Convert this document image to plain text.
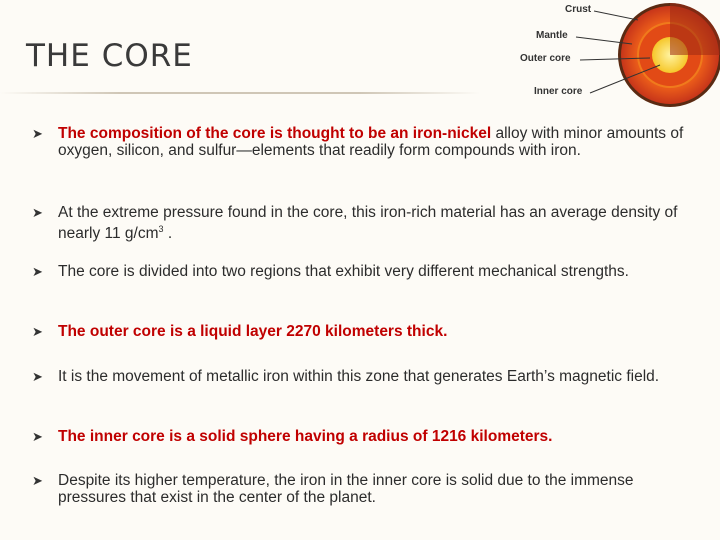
THE CORE
Crust
Mantle
Outer core
Inner core
➤ The composition of the core is thought to be an iron-nickel alloy with minor amounts of oxygen, silicon, and sulfur—elements that readily form compounds with iron.
➤ At the extreme pressure found in the core, this iron-rich material has an average density of nearly 11 $g/cm^3$ .
➤ The core is divided into two regions that exhibit very different mechanical strengths.
➤ The outer core is a liquid layer 2270 kilometers thick.
➤ It is the movement of metallic iron within this zone that generates Earth’s magnetic field.
➤ The inner core is a solid sphere having a radius of 1216 kilometers.
➤ Despite its higher temperature, the iron in the inner core is solid due to the immense pressures that exist in the center of the planet.
